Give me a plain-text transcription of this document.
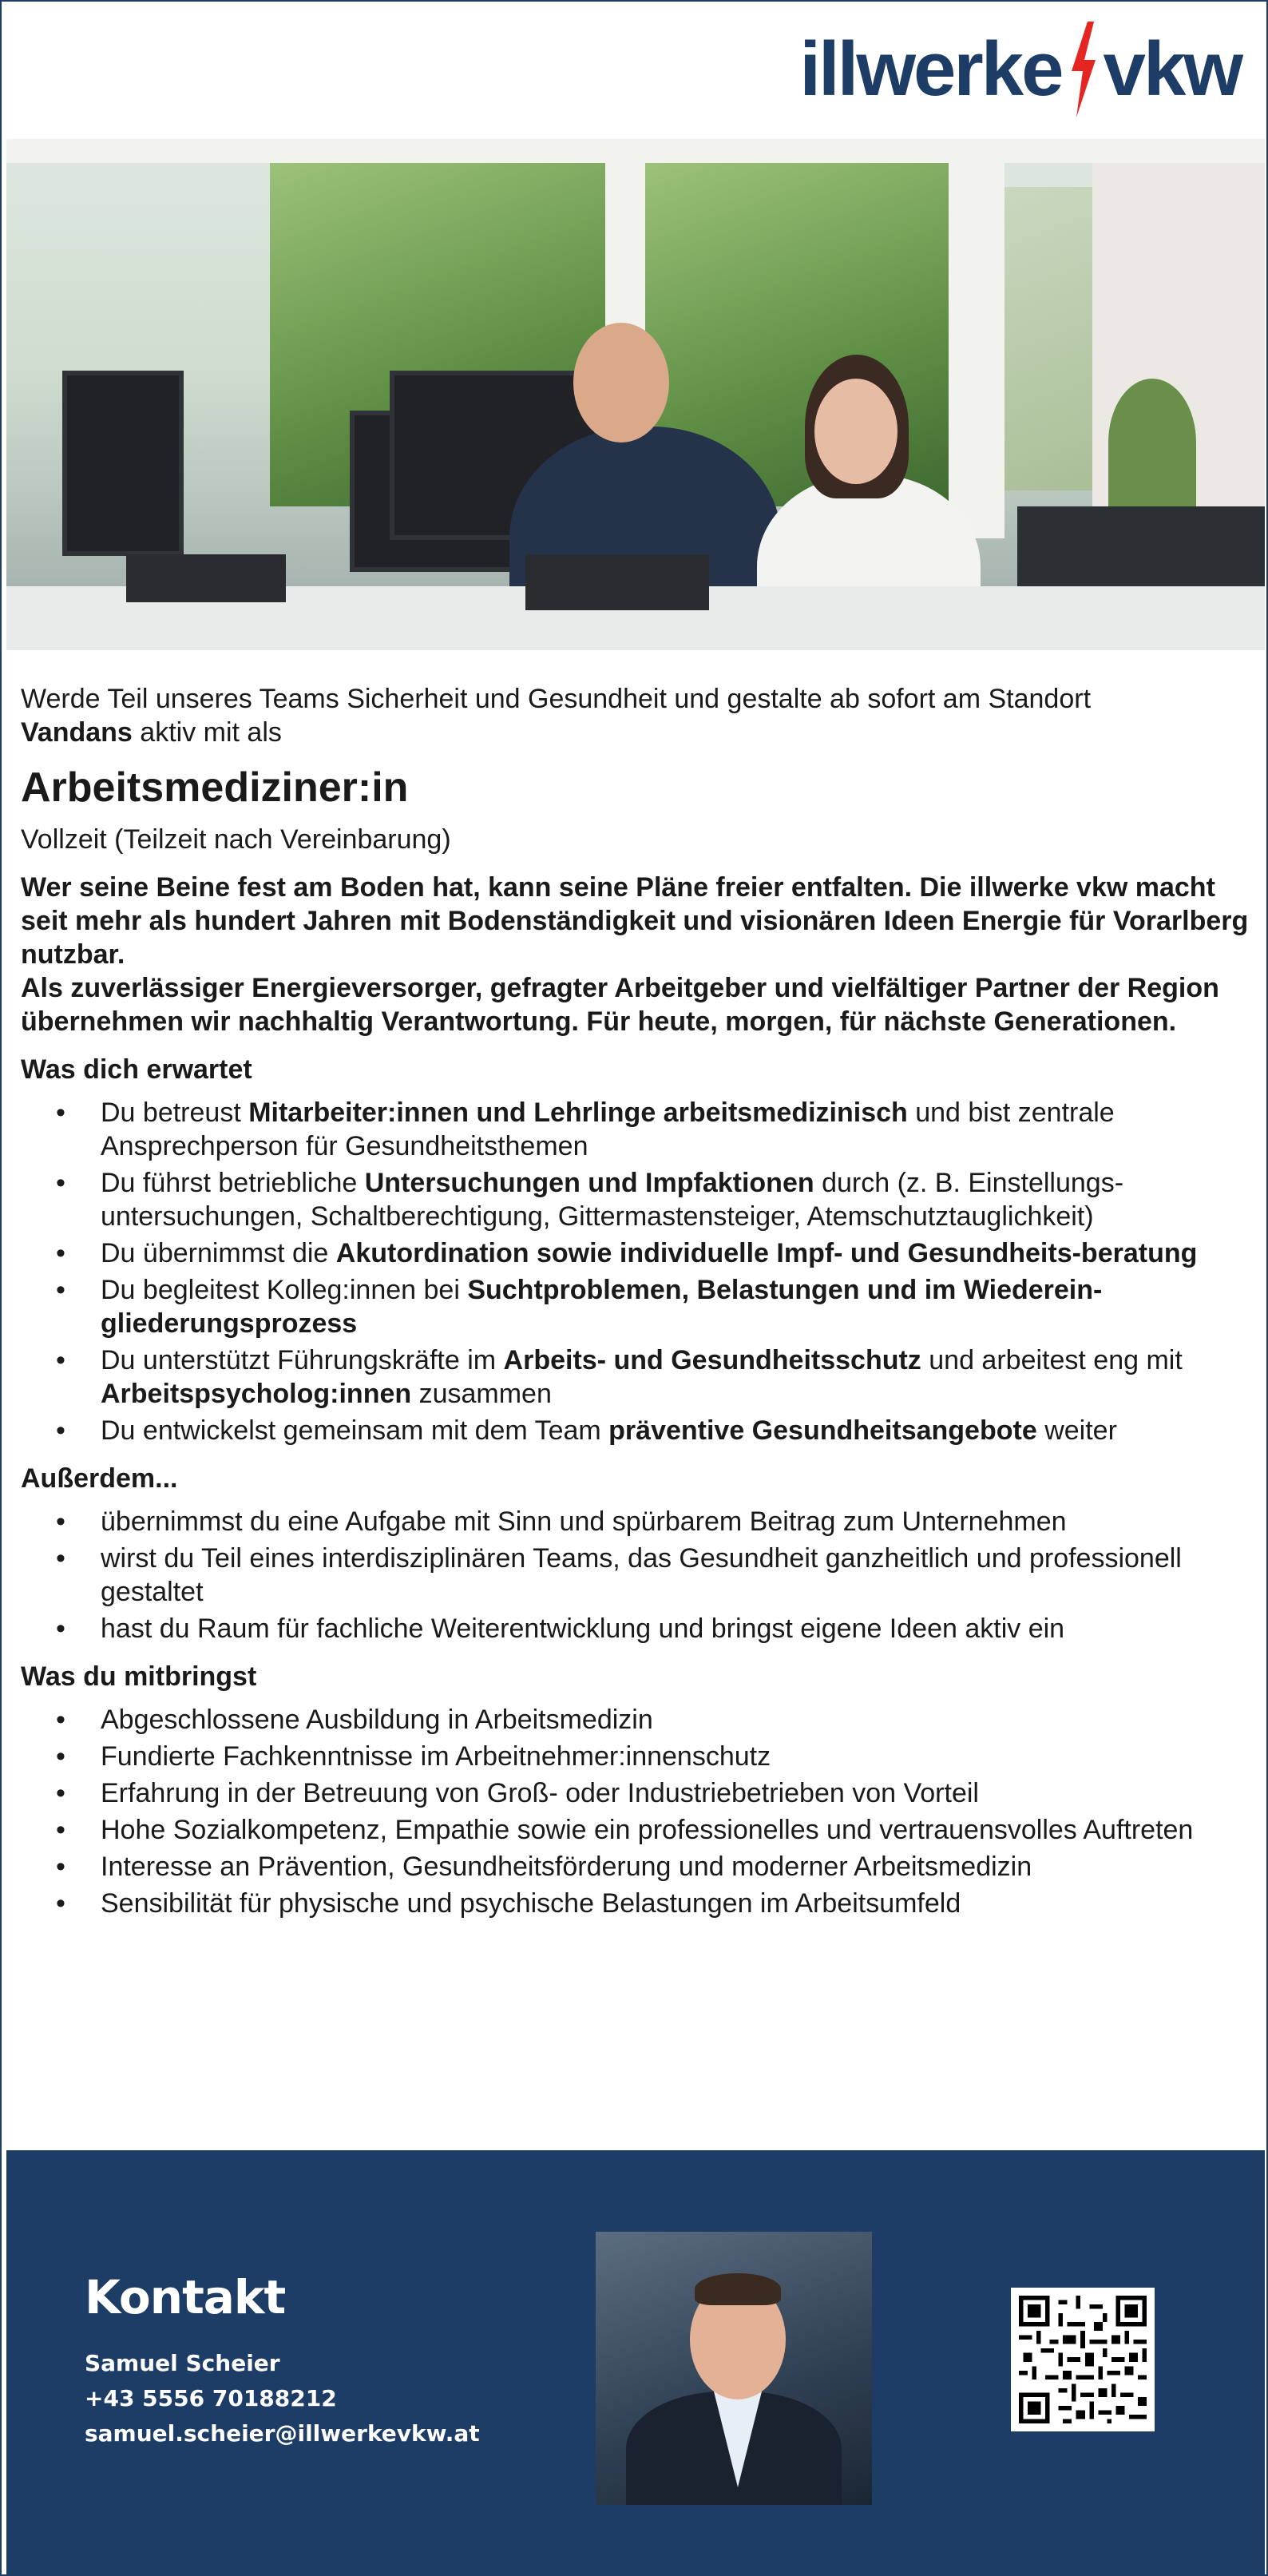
illwerke vkw

Werde Teil unseres Teams Sicherheit und Gesundheit und gestalte ab sofort am Standort
Vandans aktiv mit als

Arbeitsmediziner:in

Vollzeit (Teilzeit nach Vereinbarung)

Wer seine Beine fest am Boden hat, kann seine Pläne freier entfalten. Die illwerke vkw macht seit mehr als hundert Jahren mit Bodenständigkeit und visionären Ideen Energie für Vorarlberg nutzbar.

Als zuverlässiger Energieversorger, gefragter Arbeitgeber und vielfältiger Partner der Region übernehmen wir nachhaltig Verantwortung. Für heute, morgen, für nächste Generationen.

Was dich erwartet
• Du betreust Mitarbeiter:innen und Lehrlinge arbeitsmedizinisch und bist zentrale Ansprechperson für Gesundheitsthemen
• Du führst betriebliche Untersuchungen und Impfaktionen durch (z. B. Einstellungs-untersuchungen, Schaltberechtigung, Gittermastensteiger, Atemschutztauglichkeit)
• Du übernimmst die Akutordination sowie individuelle Impf- und Gesundheits-beratung
• Du begleitest Kolleg:innen bei Suchtproblemen, Belastungen und im Wiederein-gliederungsprozess
• Du unterstützt Führungskräfte im Arbeits- und Gesundheitsschutz und arbeitest eng mit Arbeitspsycholog:innen zusammen
• Du entwickelst gemeinsam mit dem Team präventive Gesundheitsangebote weiter
Außerdem...
• übernimmst du eine Aufgabe mit Sinn und spürbarem Beitrag zum Unternehmen
• wirst du Teil eines interdisziplinären Teams, das Gesundheit ganzheitlich und professionell gestaltet
• hast du Raum für fachliche Weiterentwicklung und bringst eigene Ideen aktiv ein
Was du mitbringst
• Abgeschlossene Ausbildung in Arbeitsmedizin
• Fundierte Fachkenntnisse im Arbeitnehmer:innenschutz
• Erfahrung in der Betreuung von Groß- oder Industriebetrieben von Vorteil
• Hohe Sozialkompetenz, Empathie sowie ein professionelles und vertrauensvolles Auftreten
• Interesse an Prävention, Gesundheitsförderung und moderner Arbeitsmedizin
• Sensibilität für physische und psychische Belastungen im Arbeitsumfeld
Kontakt
Samuel Scheier
+43 5556 70188212
samuel.scheier@illwerkevkw.at
